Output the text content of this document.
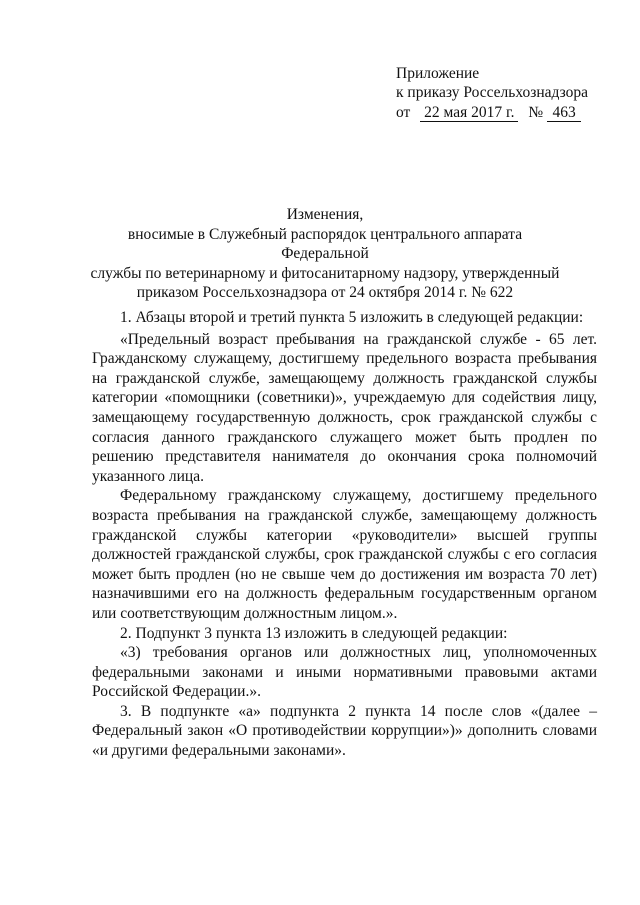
Приложение
к приказу Россельхознадзора
от 22 мая 2017 г. № 463
Изменения,
вносимые в Служебный распорядок центрального аппарата Федеральной
службы по ветеринарному и фитосанитарному надзору, утвержденный
приказом Россельхознадзора от 24 октября 2014 г. № 622

1. Абзацы второй и третий пункта 5 изложить в следующей редакции:

«Предельный возраст пребывания на гражданской службе - 65 лет. Гражданскому служащему, достигшему предельного возраста пребывания на гражданской службе, замещающему должность гражданской службы категории «помощники (советники)», учреждаемую для содействия лицу, замещающему государственную должность, срок гражданской службы с согласия данного гражданского служащего может быть продлен по решению представителя нанимателя до окончания срока полномочий указанного лица.

Федеральному гражданскому служащему, достигшему предельного возраста пребывания на гражданской службе, замещающему должность гражданской службы категории «руководители» высшей группы должностей гражданской службы, срок гражданской службы с его согласия может быть продлен (но не свыше чем до достижения им возраста 70 лет) назначившими его на должность федеральным государственным органом или соответствующим должностным лицом.».

2. Подпункт 3 пункта 13 изложить в следующей редакции:

«3) требования органов или должностных лиц, уполномоченных федеральными законами и иными нормативными правовыми актами Российской Федерации.».

3. В подпункте «а» подпункта 2 пункта 14 после слов «(далее – Федеральный закон «О противодействии коррупции»)» дополнить словами «и другими федеральными законами».
